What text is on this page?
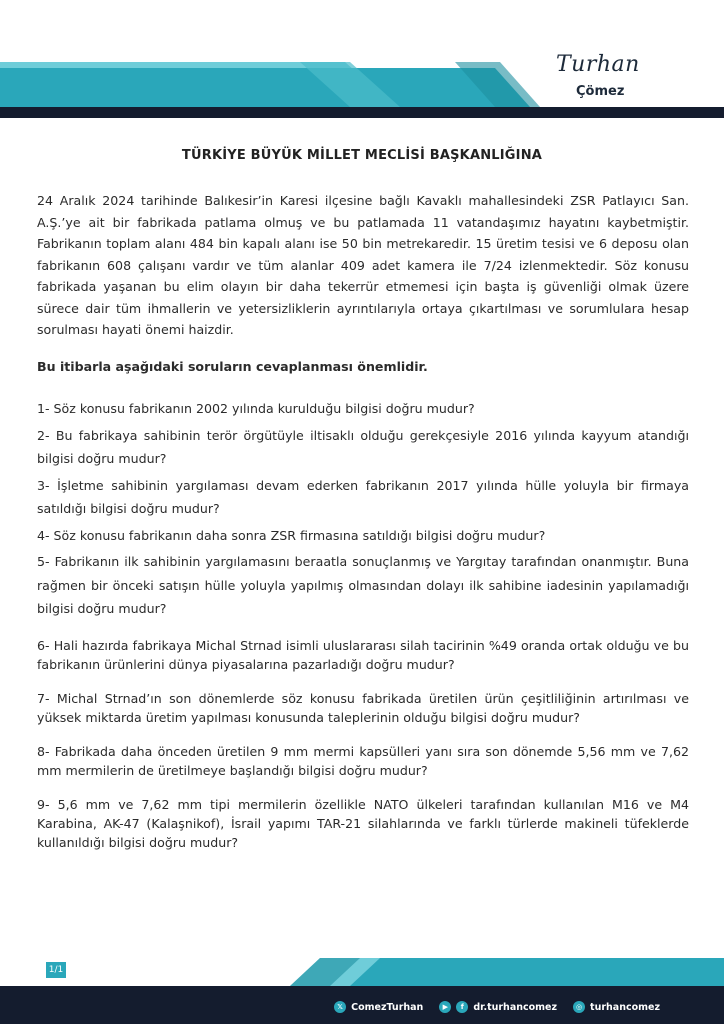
Turhan
Çömez
TÜRKİYE BÜYÜK MİLLET MECLİSİ BAŞKANLIĞINA

24 Aralık 2024 tarihinde Balıkesir’in Karesi ilçesine bağlı Kavaklı mahallesindeki ZSR Patlayıcı San. A.Ş.’ye ait bir fabrikada patlama olmuş ve bu patlamada 11 vatandaşımız hayatını kaybetmiştir. Fabrikanın toplam alanı 484 bin kapalı alanı ise 50 bin metrekaredir. 15 üretim tesisi ve 6 deposu olan fabrikanın 608 çalışanı vardır ve tüm alanlar 409 adet kamera ile 7/24 izlenmektedir. Söz konusu fabrikada yaşanan bu elim olayın bir daha tekerrür etmemesi için başta iş güvenliği olmak üzere sürece dair tüm ihmallerin ve yetersizliklerin ayrıntılarıyla ortaya çıkartılması ve sorumlulara hesap sorulması hayati önemi haizdir.

Bu itibarla aşağıdaki soruların cevaplanması önemlidir.

1- Söz konusu fabrikanın 2002 yılında kurulduğu bilgisi doğru mudur?

2- Bu fabrikaya sahibinin terör örgütüyle iltisaklı olduğu gerekçesiyle 2016 yılında kayyum atandığı bilgisi doğru mudur?

3- İşletme sahibinin yargılaması devam ederken fabrikanın 2017 yılında hülle yoluyla bir firmaya satıldığı bilgisi doğru mudur?

4- Söz konusu fabrikanın daha sonra ZSR firmasına satıldığı bilgisi doğru mudur?

5- Fabrikanın ilk sahibinin yargılamasını beraatla sonuçlanmış ve Yargıtay tarafından onanmıştır. Buna rağmen bir önceki satışın hülle yoluyla yapılmış olmasından dolayı ilk sahibine iadesinin yapılamadığı bilgisi doğru mudur?

6- Hali hazırda fabrikaya Michal Strnad isimli uluslararası silah tacirinin %49 oranda ortak olduğu ve bu fabrikanın ürünlerini dünya piyasalarına pazarladığı doğru mudur?

7- Michal Strnad’ın son dönemlerde söz konusu fabrikada üretilen ürün çeşitliliğinin artırılması ve yüksek miktarda üretim yapılması konusunda taleplerinin olduğu bilgisi doğru mudur?

8- Fabrikada daha önceden üretilen 9 mm mermi kapsülleri yanı sıra son dönemde 5,56 mm ve 7,62 mm mermilerin de üretilmeye başlandığı bilgisi doğru mudur?

9- 5,6 mm ve 7,62 mm tipi mermilerin özellikle NATO ülkeleri tarafından kullanılan M16 ve M4 Karabina, AK-47 (Kalaşnikof), İsrail yapımı TAR-21 silahlarında ve farklı türlerde makineli tüfeklerde kullanıldığı bilgisi doğru mudur?

1/1
𝕏 ComezTurhan	▶	f dr.turhancomez	◎ turhancomez
